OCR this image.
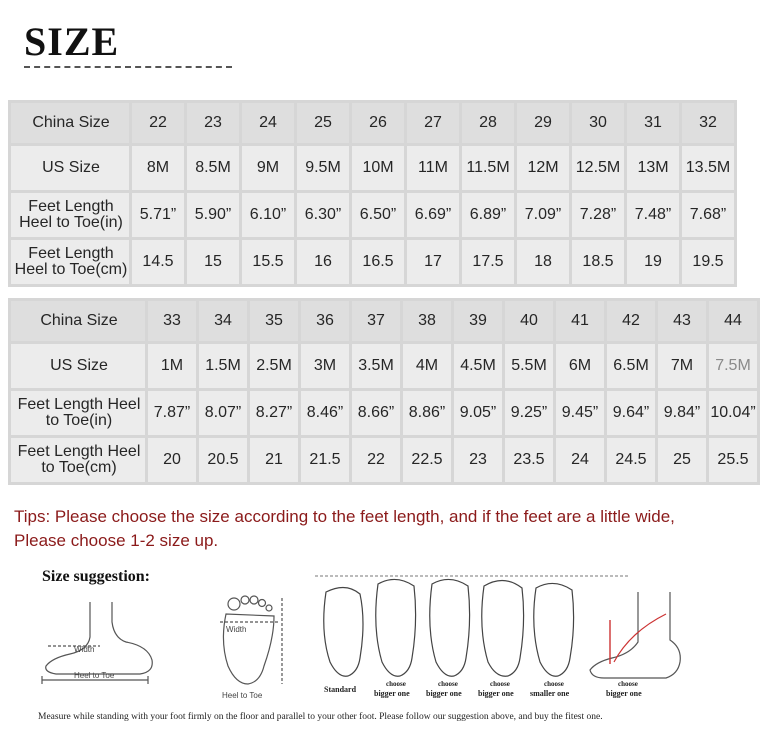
SIZE
China Size	22	23	24	25	26	27	28	29	30	31	32
US Size	8M	8.5M	9M	9.5M	10M	11M	11.5M	12M	12.5M	13M	13.5M
Feet Length Heel to Toe(in)	5.71”	5.90”	6.10”	6.30”	6.50”	6.69”	6.89”	7.09”	7.28”	7.48”	7.68”
Feet Length Heel to Toe(cm)	14.5	15	15.5	16	16.5	17	17.5	18	18.5	19	19.5
China Size	33	34	35	36	37	38	39	40	41	42	43	44
US Size	1M	1.5M	2.5M	3M	3.5M	4M	4.5M	5.5M	6M	6.5M	7M	7.5M
Feet Length Heel to Toe(in)	7.87”	8.07”	8.27”	8.46”	8.66”	8.86”	9.05”	9.25”	9.45”	9.64”	9.84”	10.04”
Feet Length Heel to Toe(cm)	20	20.5	21	21.5	22	22.5	23	23.5	24	24.5	25	25.5
Tips: Please choose the size according to the feet length, and if the feet are a little wide,
Please choose 1-2 size up.
Width
Heel to Toe
Width
Heel to Toe
Standard
choose
bigger one
choose
bigger one
choose
bigger one
choose
smaller one
choose
bigger one
Size suggestion:
Measure while standing with your foot firmly on the floor and parallel to your other foot. Please follow our suggestion above, and buy the fitest one.
